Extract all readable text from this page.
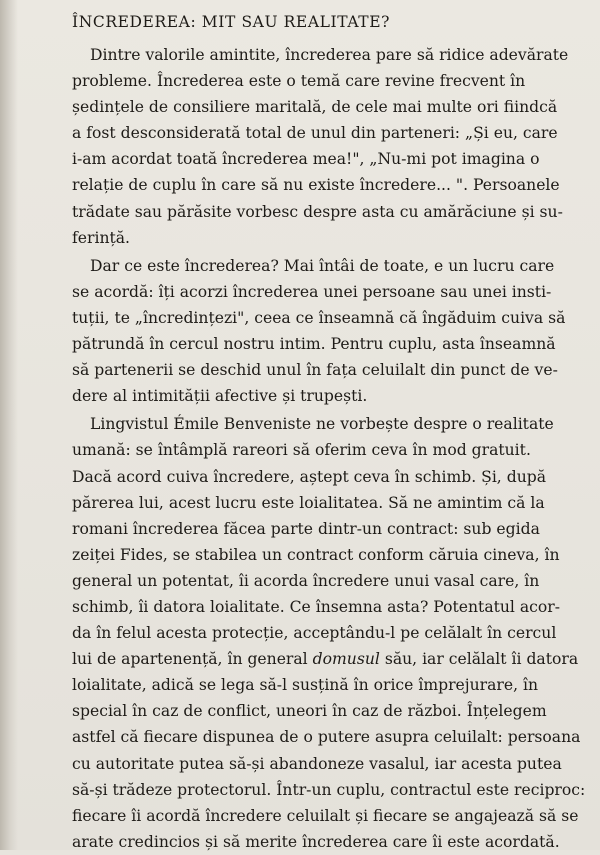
ÎNCREDEREA: MIT SAU REALITATE?

Dintre valorile amintite, încrederea pare să ridice adevărate
probleme. Încrederea este o temă care revine frecvent în
ședințele de consiliere maritală, de cele mai multe ori fiindcă
a fost desconsiderată total de unul din parteneri: „Și eu, care
i-am acordat toată încrederea mea!", „Nu-mi pot imagina o
relație de cuplu în care să nu existe încredere... ". Persoanele
trădate sau părăsite vorbesc despre asta cu amărăciune și su-
ferință.

Dar ce este încrederea? Mai întâi de toate, e un lucru care
se acordă: îți acorzi încrederea unei persoane sau unei insti-
tuții, te „încredințezi", ceea ce înseamnă că îngăduim cuiva să
pătrundă în cercul nostru intim. Pentru cuplu, asta înseamnă
să partenerii se deschid unul în fața celuilalt din punct de ve-
dere al intimității afective și trupești.

Lingvistul Émile Benveniste ne vorbește despre o realitate
umană: se întâmplă rareori să oferim ceva în mod gratuit.
Dacă acord cuiva încredere, aștept ceva în schimb. Și, după
părerea lui, acest lucru este loialitatea. Să ne amintim că la
romani încrederea făcea parte dintr-un contract: sub egida
zeiței Fides, se stabilea un contract conform căruia cineva, în
general un potentat, îi acorda încredere unui vasal care, în
schimb, îi datora loialitate. Ce însemna asta? Potentatul acor-
da în felul acesta protecție, acceptându-l pe celălalt în cercul
lui de apartenență, în general domusul său, iar celălalt îi datora
loialitate, adică se lega să-l susțină în orice împrejurare, în
special în caz de conflict, uneori în caz de război. Înțelegem
astfel că fiecare dispunea de o putere asupra celuilalt: persoana
cu autoritate putea să-și abandoneze vasalul, iar acesta putea
să-și trădeze protectorul. Într-un cuplu, contractul este reciproc:
fiecare îi acordă încredere celuilalt și fiecare se angajează să se
arate credincios și să merite încrederea care îi este acordată.
